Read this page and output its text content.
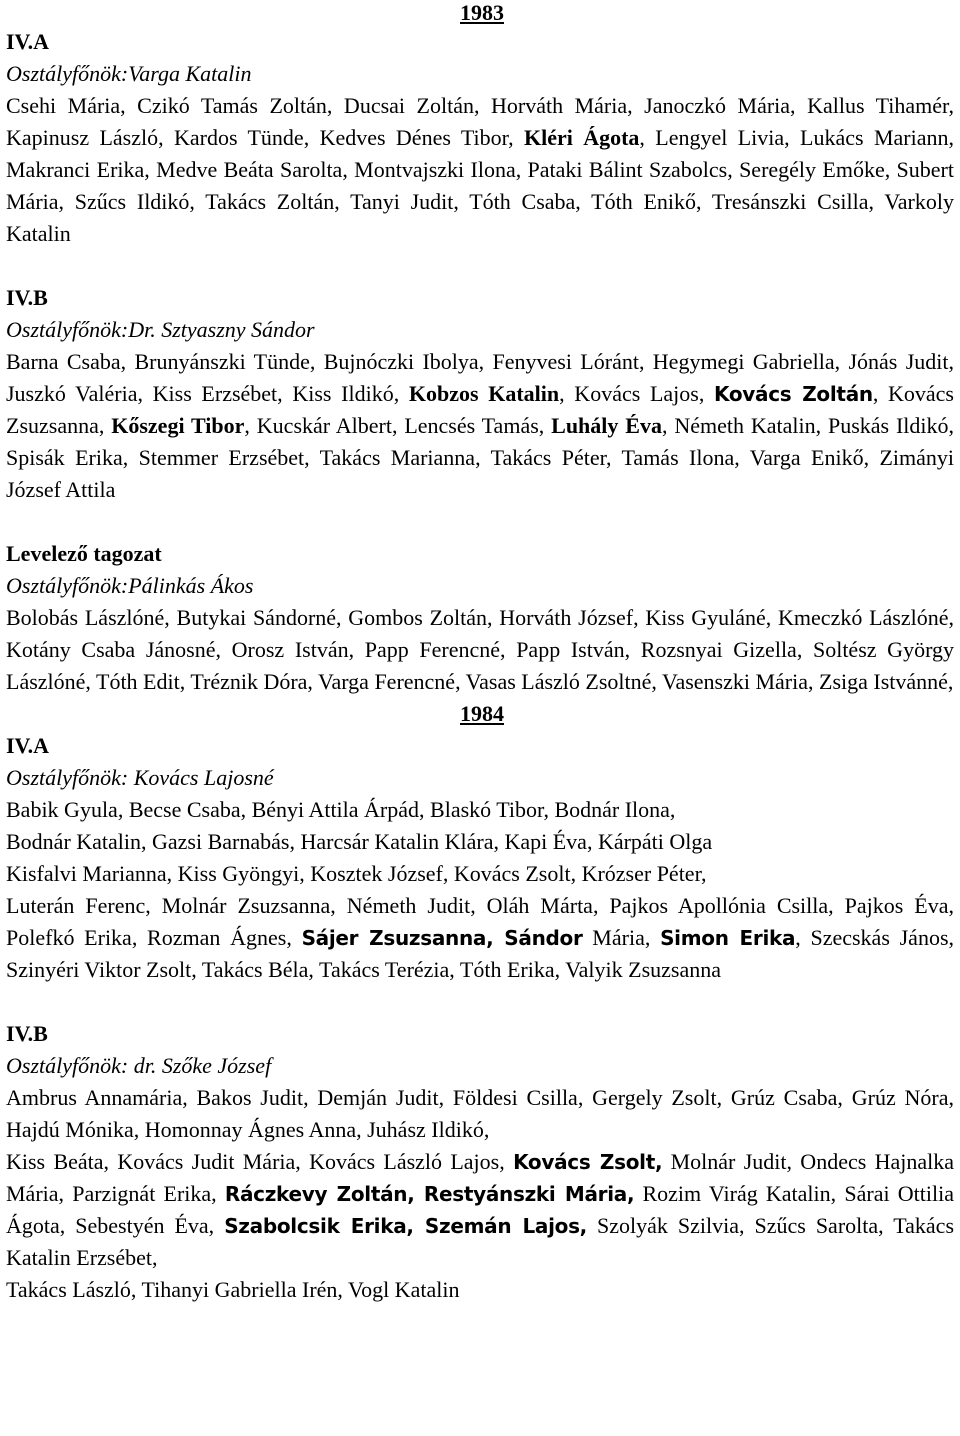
1983
IV.A
Osztályfőnök:Varga Katalin
Csehi Mária, Czikó Tamás Zoltán, Ducsai Zoltán, Horváth Mária, Janoczkó Mária, Kallus Tihamér, Kapinusz László, Kardos Tünde, Kedves Dénes Tibor, Kléri Ágota, Lengyel Livia, Lukács Mariann, Makranci Erika, Medve Beáta Sarolta, Montvajszki Ilona, Pataki Bálint Szabolcs, Seregély Emőke, Subert Mária, Szűcs Ildikó, Takács Zoltán, Tanyi Judit, Tóth Csaba, Tóth Enikő, Tresánszki Csilla, Varkoly Katalin
IV.B
Osztályfőnök:Dr. Sztyaszny Sándor
Barna Csaba, Brunyánszki Tünde, Bujnóczki Ibolya, Fenyvesi Lóránt, Hegymegi Gabriella, Jónás Judit, Juszkó Valéria, Kiss Erzsébet, Kiss Ildikó, Kobzos Katalin, Kovács Lajos, Kovács Zoltán, Kovács Zsuzsanna, Kőszegi Tibor, Kucskár Albert, Lencsés Tamás, Luhály Éva, Németh Katalin, Puskás Ildikó, Spisák Erika, Stemmer Erzsébet, Takács Marianna, Takács Péter, Tamás Ilona, Varga Enikő, Zimányi József Attila
Levelező tagozat
Osztályfőnök:Pálinkás Ákos
Bolobás Lászlóné, Butykai Sándorné, Gombos Zoltán, Horváth József, Kiss Gyuláné, Kmeczkó Lászlóné, Kotány Csaba Jánosné, Orosz István, Papp Ferencné, Papp István, Rozsnyai Gizella, Soltész György Lászlóné, Tóth Edit, Tréznik Dóra, Varga Ferencné, Vasas László Zsoltné, Vasenszki Mária, Zsiga Istvánné,
1984
IV.A
Osztályfőnök: Kovács Lajosné
Babik Gyula, Becse Csaba, Bényi Attila Árpád, Blaskó Tibor, Bodnár Ilona,
Bodnár Katalin, Gazsi Barnabás, Harcsár Katalin Klára, Kapi Éva, Kárpáti Olga
Kisfalvi Marianna, Kiss Gyöngyi, Kosztek József, Kovács Zsolt, Krózser Péter,
Luterán Ferenc, Molnár Zsuzsanna, Németh Judit, Oláh Márta, Pajkos Apollónia Csilla, Pajkos Éva, Polefkó Erika, Rozman Ágnes, Sájer Zsuzsanna, Sándor Mária, Simon Erika, Szecskás János, Szinyéri Viktor Zsolt, Takács Béla, Takács Terézia, Tóth Erika, Valyik Zsuzsanna
IV.B
Osztályfőnök: dr. Szőke József
Ambrus Annamária, Bakos Judit, Demján Judit, Földesi Csilla, Gergely Zsolt, Grúz Csaba, Grúz Nóra, Hajdú Mónika, Homonnay Ágnes Anna, Juhász Ildikó,
Kiss Beáta, Kovács Judit Mária, Kovács László Lajos, Kovács Zsolt, Molnár Judit, Ondecs Hajnalka Mária, Parzignát Erika, Ráczkevy Zoltán, Restyánszki Mária, Rozim Virág Katalin, Sárai Ottilia Ágota, Sebestyén Éva, Szabolcsik Erika, Szemán Lajos, Szolyák Szilvia, Szűcs Sarolta, Takács Katalin Erzsébet,
Takács László, Tihanyi Gabriella Irén, Vogl Katalin
